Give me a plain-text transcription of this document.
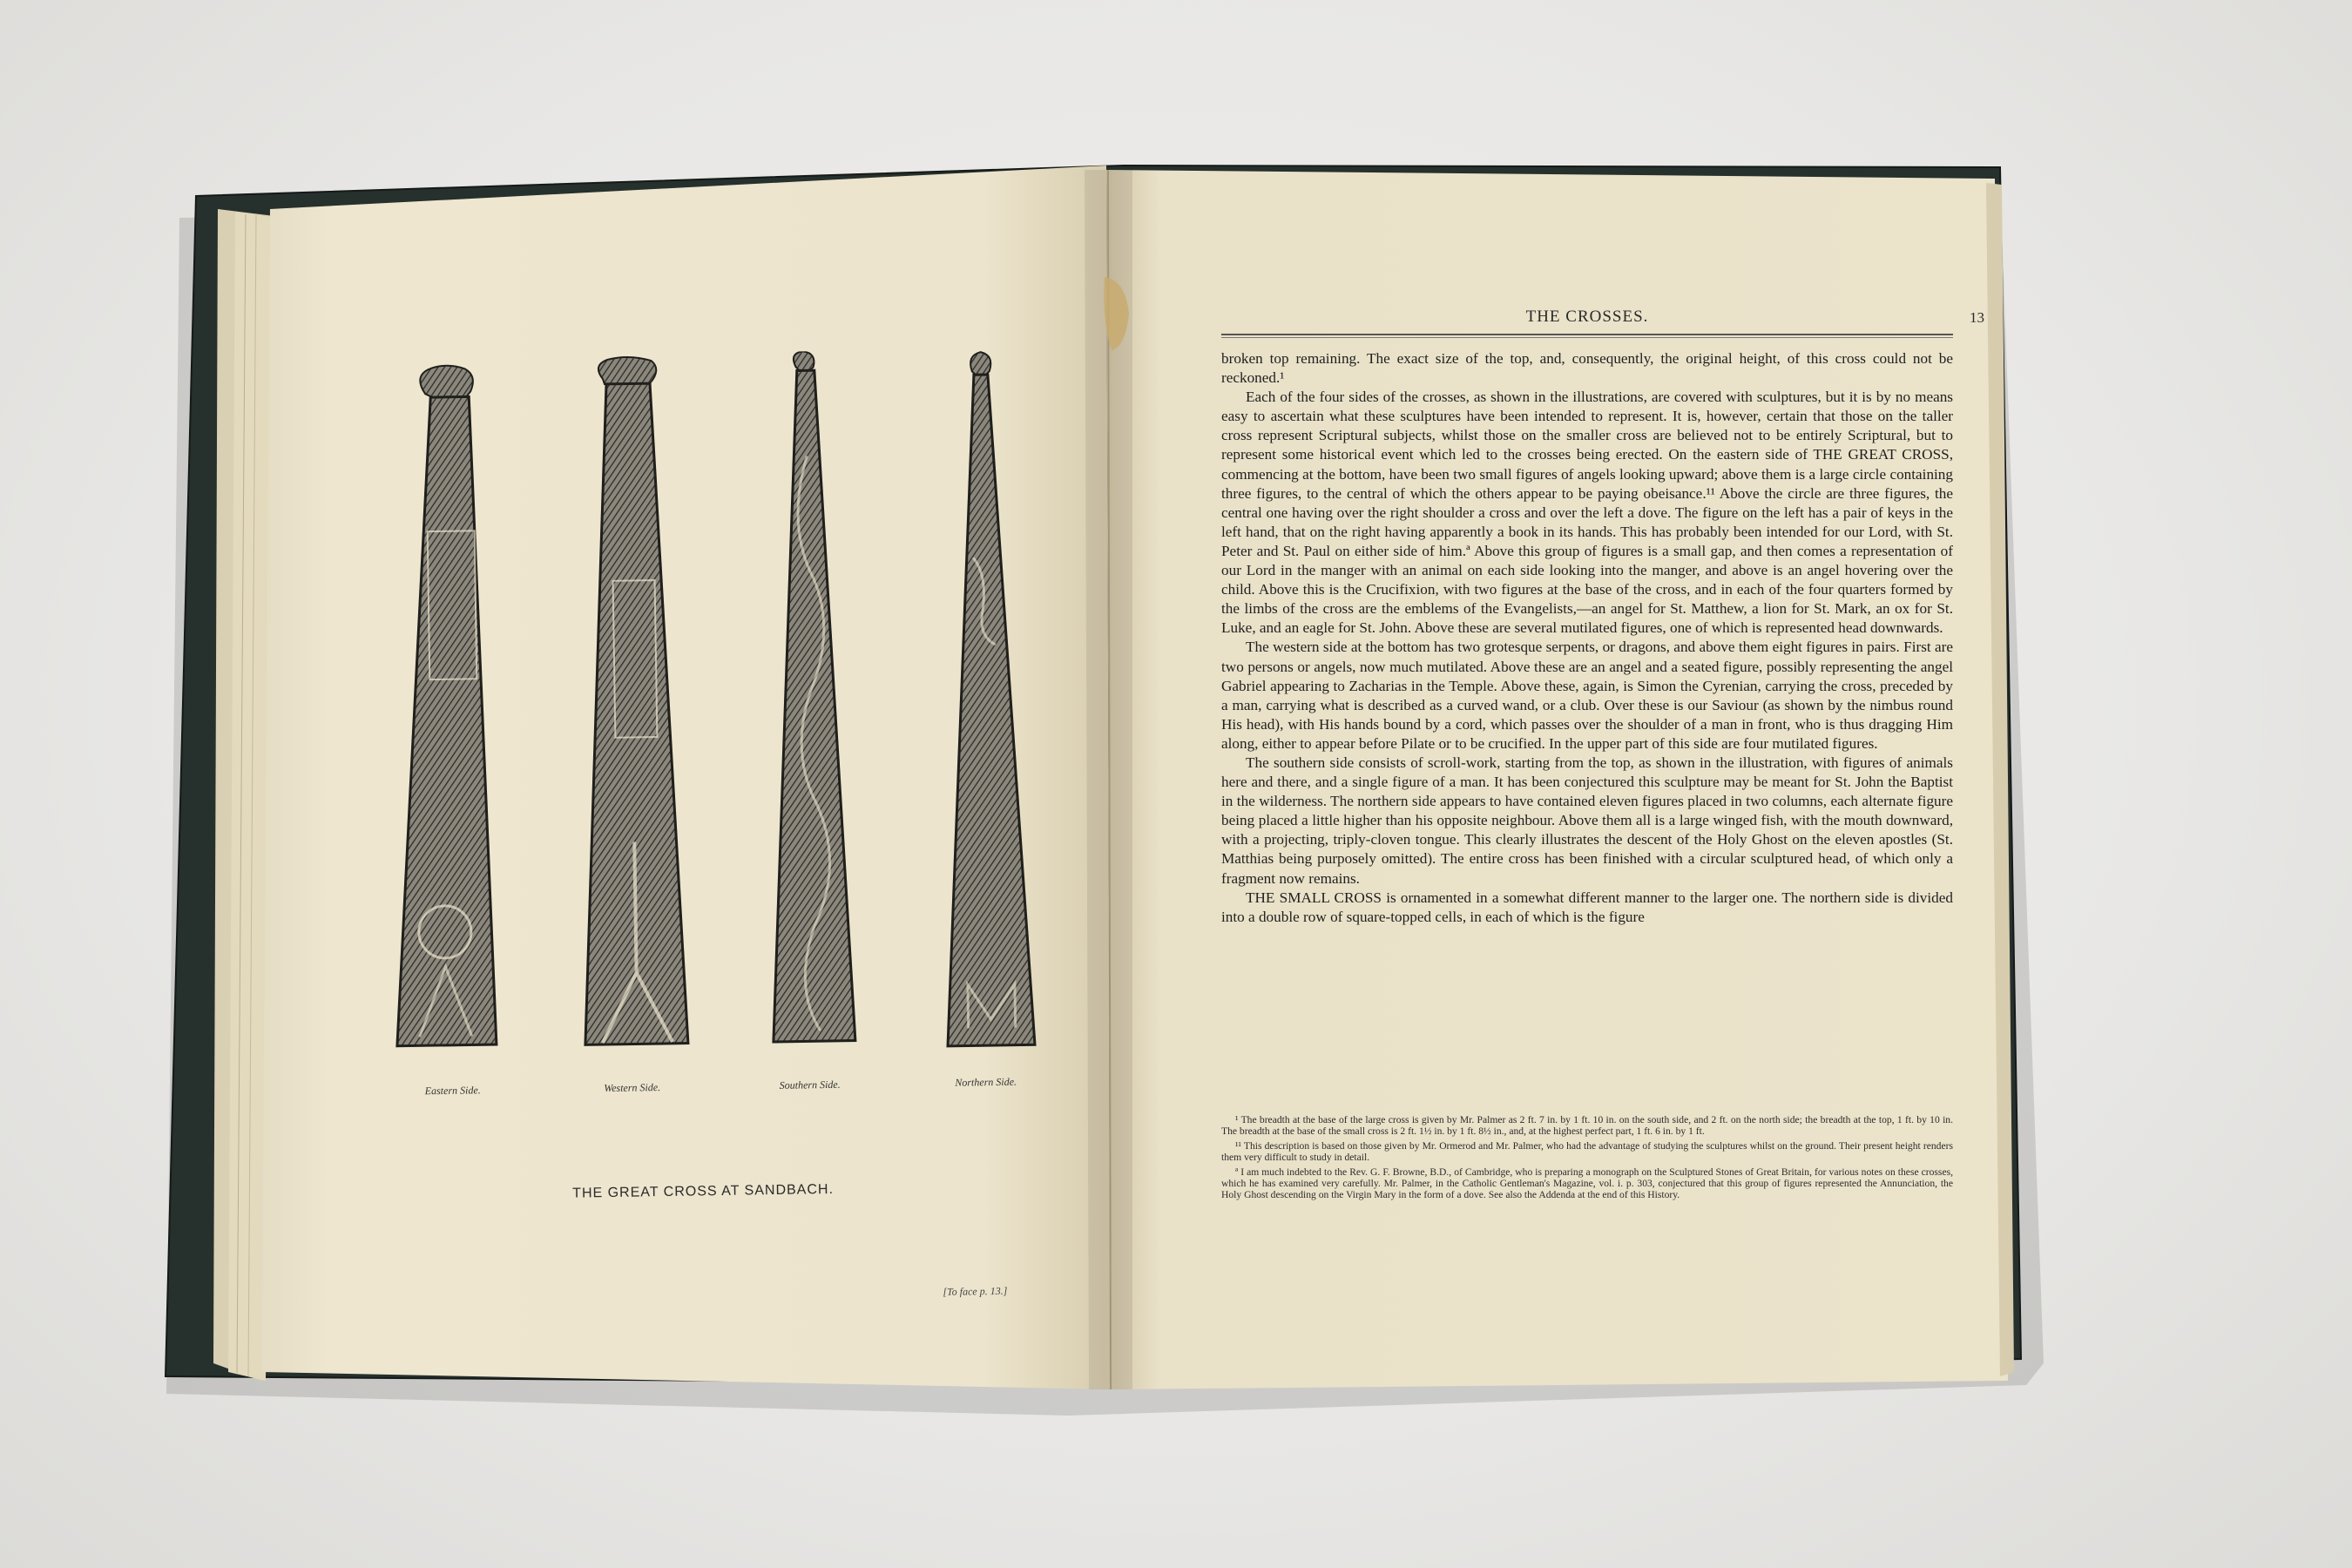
Eastern Side.	Western Side.	Southern Side.	Northern Side.
THE GREAT CROSS AT SANDBACH.
[To face p. 13.]
THE CROSSES.	13

broken top remaining. The exact size of the top, and, consequently, the original height, of this cross could not be reckoned.¹

Each of the four sides of the crosses, as shown in the illustrations, are covered with sculptures, but it is by no means easy to ascertain what these sculptures have been intended to represent. It is, however, certain that those on the taller cross represent Scriptural subjects, whilst those on the smaller cross are believed not to be entirely Scriptural, but to represent some historical event which led to the crosses being erected. On the eastern side of THE GREAT CROSS, commencing at the bottom, have been two small figures of angels looking upward; above them is a large circle containing three figures, to the central of which the others appear to be paying obeisance.¹¹ Above the circle are three figures, the central one having over the right shoulder a cross and over the left a dove. The figure on the left has a pair of keys in the left hand, that on the right having apparently a book in its hands. This has probably been intended for our Lord, with St. Peter and St. Paul on either side of him.ª Above this group of figures is a small gap, and then comes a representation of our Lord in the manger with an animal on each side looking into the manger, and above is an angel hovering over the child. Above this is the Crucifixion, with two figures at the base of the cross, and in each of the four quarters formed by the limbs of the cross are the emblems of the Evangelists,—an angel for St. Matthew, a lion for St. Mark, an ox for St. Luke, and an eagle for St. John. Above these are several mutilated figures, one of which is represented head downwards.

The western side at the bottom has two grotesque serpents, or dragons, and above them eight figures in pairs. First are two persons or angels, now much mutilated. Above these are an angel and a seated figure, possibly representing the angel Gabriel appearing to Zacharias in the Temple. Above these, again, is Simon the Cyrenian, carrying the cross, preceded by a man, carrying what is described as a curved wand, or a club. Over these is our Saviour (as shown by the nimbus round His head), with His hands bound by a cord, which passes over the shoulder of a man in front, who is thus dragging Him along, either to appear before Pilate or to be crucified. In the upper part of this side are four mutilated figures.

The southern side consists of scroll-work, starting from the top, as shown in the illustration, with figures of animals here and there, and a single figure of a man. It has been conjectured this sculpture may be meant for St. John the Baptist in the wilderness. The northern side appears to have contained eleven figures placed in two columns, each alternate figure being placed a little higher than his opposite neighbour. Above them all is a large winged fish, with the mouth downward, with a projecting, triply-cloven tongue. This clearly illustrates the descent of the Holy Ghost on the eleven apostles (St. Matthias being purposely omitted). The entire cross has been finished with a circular sculptured head, of which only a fragment now remains.

THE SMALL CROSS is ornamented in a somewhat different manner to the larger one. The northern side is divided into a double row of square-topped cells, in each of which is the figure

¹ The breadth at the base of the large cross is given by Mr. Palmer as 2 ft. 7 in. by 1 ft. 10 in. on the south side, and 2 ft. on the north side; the breadth at the top, 1 ft. by 10 in. The breadth at the base of the small cross is 2 ft. 1½ in. by 1 ft. 8½ in., and, at the highest perfect part, 1 ft. 6 in. by 1 ft.

¹¹ This description is based on those given by Mr. Ormerod and Mr. Palmer, who had the advantage of studying the sculptures whilst on the ground. Their present height renders them very difficult to study in detail.

ª I am much indebted to the Rev. G. F. Browne, B.D., of Cambridge, who is preparing a monograph on the Sculptured Stones of Great Britain, for various notes on these crosses, which he has examined very carefully. Mr. Palmer, in the Catholic Gentleman's Magazine, vol. i. p. 303, conjectured that this group of figures represented the Annunciation, the Holy Ghost descending on the Virgin Mary in the form of a dove. See also the Addenda at the end of this History.
